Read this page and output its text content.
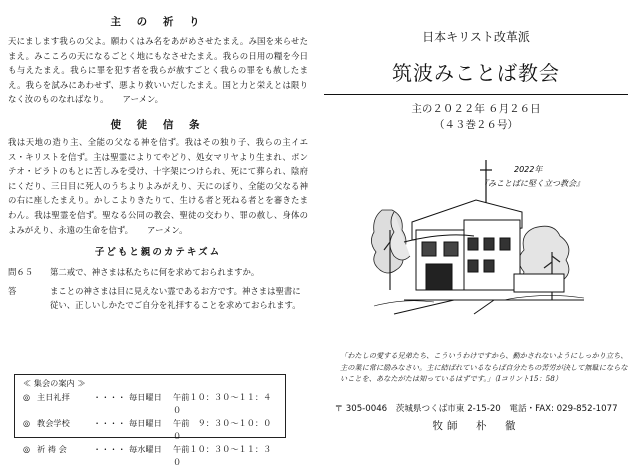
主 の 祈 り

天にまします我らの父よ。願わくはみ名をあがめさせたまえ。み国を来らせたまえ。みこころの天になるごとく地にもなさせたまえ。我らの日用の糧を今日も与えたまえ。我らに罪を犯す者を我らが赦すごとく我らの罪をも赦したまえ。我らを試みにあわせず、悪より救いいだしたまえ。国と力と栄えとは限りなく汝のものなればなり。 アーメン。

使 徒 信 条

我は天地の造り主、全能の父なる神を信ず。我はその独り子、我らの主イエス・キリストを信ず。主は聖霊によりてやどり、処女マリヤより生まれ、ポンテオ・ピラトのもとに苦しみを受け、十字架につけられ、死にて葬られ、陰府にくだり、三日目に死人のうちよりよみがえり、天にのぼり、全能の父なる神の右に座したまえり。かしこよりきたりて、生ける者と死ねる者とを審きたまわん。我は聖霊を信ず。聖なる公同の教会、聖徒の交わり、罪の赦し、身体のよみがえり、永遠の生命を信ず。 アーメン。

子どもと親のカテキズム
問６５	第二戒で、神さまは私たちに何を求めておられますか。
答	まことの神さまは目に見えない霊であるお方です。神さまは聖書に従い、正しいしかたでご自分を礼拝することを求めておられます。
≪ 集会の案内 ≫
◎ 主日礼拝	・・・・ 毎日曜日	午前１０：３０～１１：４０
◎ 教会学校	・・・・ 毎日曜日	午前　９：３０～１０：００
◎ 祈 祷 会	・・・・ 毎水曜日	午前１０：３０～１１：３０
日本キリスト改革派
筑波みことば教会
主の２０２２年 ６月２６日
（４３巻２６号）
2022年
『みことばに堅く立つ教会』
「わたしの愛する兄弟たち、こういうわけですから、動かされないようにしっかり立ち、主の業に常に励みなさい。主に結ばれているならば自分たちの苦労が決して無駄にならないことを、あなたがたは知っているはずです。」（Iコリント15：58）
〒 305-0046　茨城県つくば市東 2-15-20　電話・FAX: 029-852-1077
牧師　朴　徹
